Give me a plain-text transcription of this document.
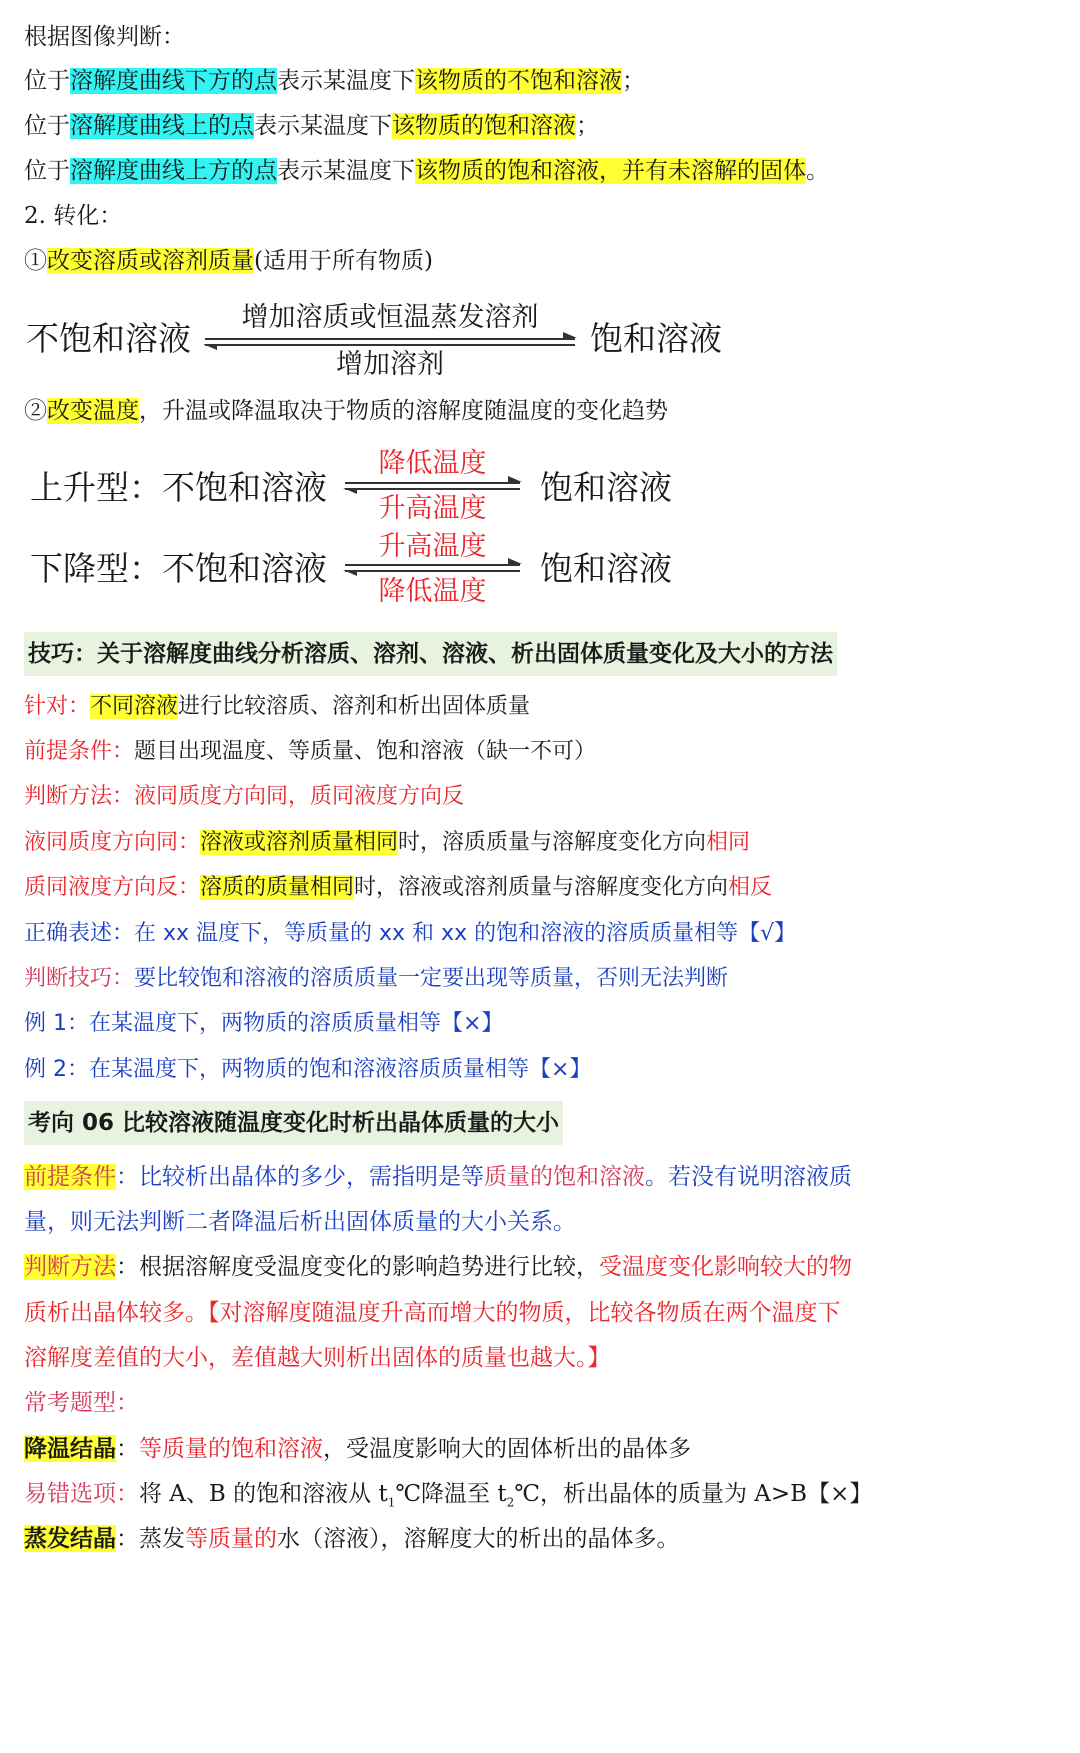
根据图像判断：
位于溶解度曲线下方的点表示某温度下该物质的不饱和溶液；
位于溶解度曲线上的点表示某温度下该物质的饱和溶液；
位于溶解度曲线上方的点表示某温度下该物质的饱和溶液，并有未溶解的固体。
2. 转化：
①改变溶质或溶剂质量(适用于所有物质)
不饱和溶液
增加溶质或恒温蒸发溶剂
增加溶剂
饱和溶液
②改变温度，升温或降温取决于物质的溶解度随温度的变化趋势
上升型：不饱和溶液
降低温度
升高温度
饱和溶液
下降型：不饱和溶液
升高温度
降低温度
饱和溶液
技巧：关于溶解度曲线分析溶质、溶剂、溶液、析出固体质量变化及大小的方法
针对：不同溶液进行比较溶质、溶剂和析出固体质量
前提条件：题目出现温度、等质量、饱和溶液（缺一不可）
判断方法：液同质度方向同，质同液度方向反
液同质度方向同：溶液或溶剂质量相同时，溶质质量与溶解度变化方向相同
质同液度方向反：溶质的质量相同时，溶液或溶剂质量与溶解度变化方向相反
正确表述：在 xx 温度下，等质量的 xx 和 xx 的饱和溶液的溶质质量相等【√】
判断技巧：要比较饱和溶液的溶质质量一定要出现等质量，否则无法判断
例 1：在某温度下，两物质的溶质质量相等【×】
例 2：在某温度下，两物质的饱和溶液溶质质量相等【×】
考向 06 比较溶液随温度变化时析出晶体质量的大小
前提条件：比较析出晶体的多少，需指明是等质量的饱和溶液。若没有说明溶液质
量，则无法判断二者降温后析出固体质量的大小关系。
判断方法：根据溶解度受温度变化的影响趋势进行比较，受温度变化影响较大的物
质析出晶体较多。【对溶解度随温度升高而增大的物质，比较各物质在两个温度下
溶解度差值的大小，差值越大则析出固体的质量也越大。】
常考题型：
降温结晶：等质量的饱和溶液，受温度影响大的固体析出的晶体多
易错选项：将 A、B 的饱和溶液从 $t_1℃$降温至 $t_2℃$，析出晶体的质量为 A>B【×】
蒸发结晶：蒸发等质量的水（溶液），溶解度大的析出的晶体多。
